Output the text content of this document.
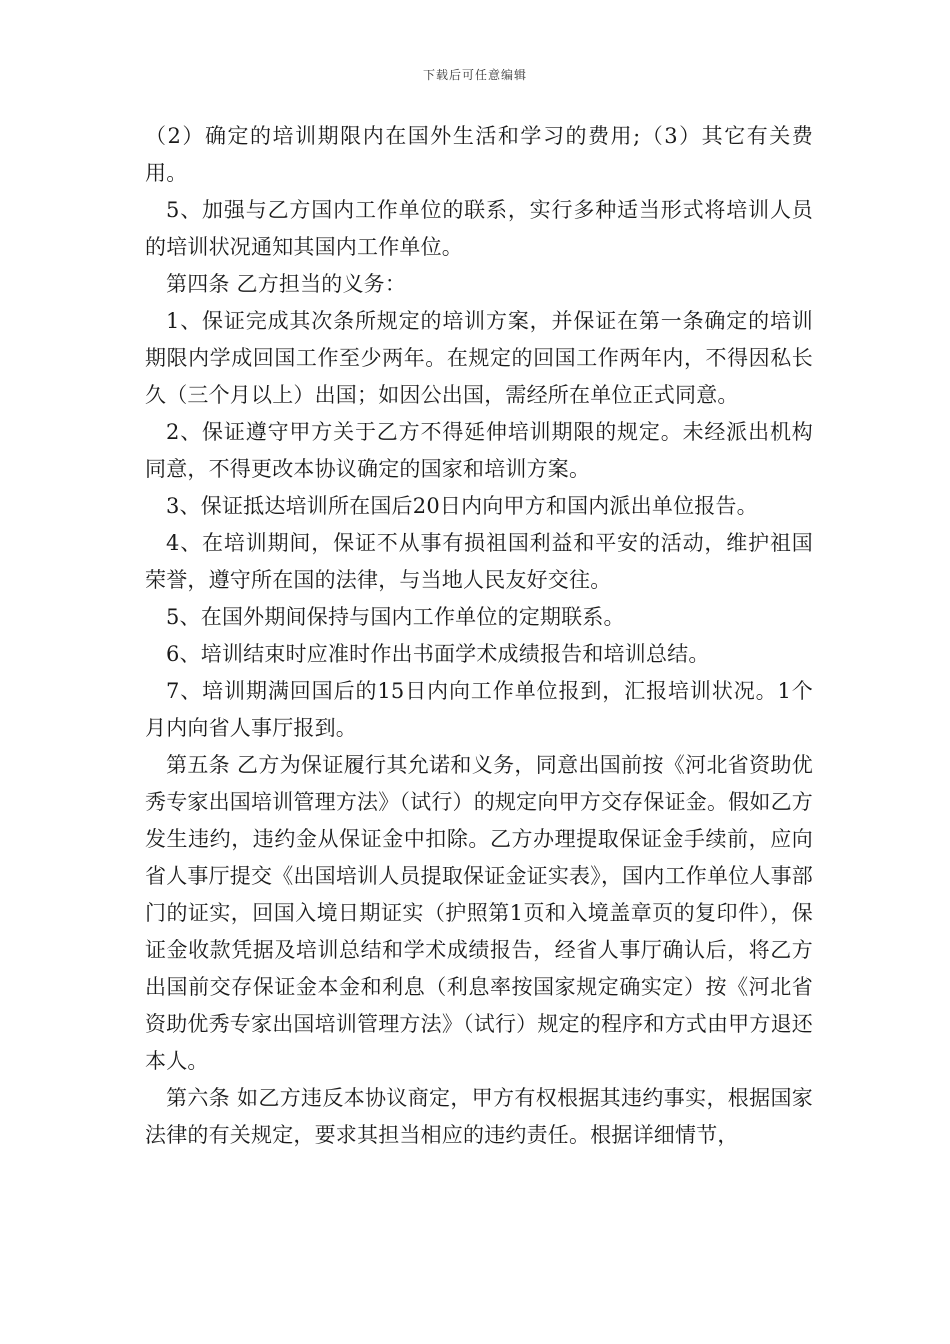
下载后可任意编辑

（2）确定的培训期限内在国外生活和学习的费用;（3）其它有关费用。

5、加强与乙方国内工作单位的联系，实行多种适当形式将培训人员的培训状况通知其国内工作单位。

第四条 乙方担当的义务：

1、保证完成其次条所规定的培训方案，并保证在第一条确定的培训期限内学成回国工作至少两年。在规定的回国工作两年内，不得因私长久（三个月以上）出国；如因公出国，需经所在单位正式同意。

2、保证遵守甲方关于乙方不得延伸培训期限的规定。未经派出机构同意，不得更改本协议确定的国家和培训方案。

3、保证抵达培训所在国后20日内向甲方和国内派出单位报告。

4、在培训期间，保证不从事有损祖国利益和平安的活动，维护祖国荣誉，遵守所在国的法律，与当地人民友好交往。

5、在国外期间保持与国内工作单位的定期联系。

6、培训结束时应准时作出书面学术成绩报告和培训总结。

7、培训期满回国后的15日内向工作单位报到，汇报培训状况。1个月内向省人事厅报到。

第五条 乙方为保证履行其允诺和义务，同意出国前按《河北省资助优秀专家出国培训管理方法》（试行）的规定向甲方交存保证金。假如乙方发生违约，违约金从保证金中扣除。乙方办理提取保证金手续前，应向省人事厅提交《出国培训人员提取保证金证实表》，国内工作单位人事部门的证实，回国入境日期证实（护照第1页和入境盖章页的复印件），保证金收款凭据及培训总结和学术成绩报告，经省人事厅确认后，将乙方出国前交存保证金本金和利息（利息率按国家规定确实定）按《河北省资助优秀专家出国培训管理方法》（试行）规定的程序和方式由甲方退还本人。

第六条 如乙方违反本协议商定，甲方有权根据其违约事实，根据国家法律的有关规定，要求其担当相应的违约责任。根据详细情节，
